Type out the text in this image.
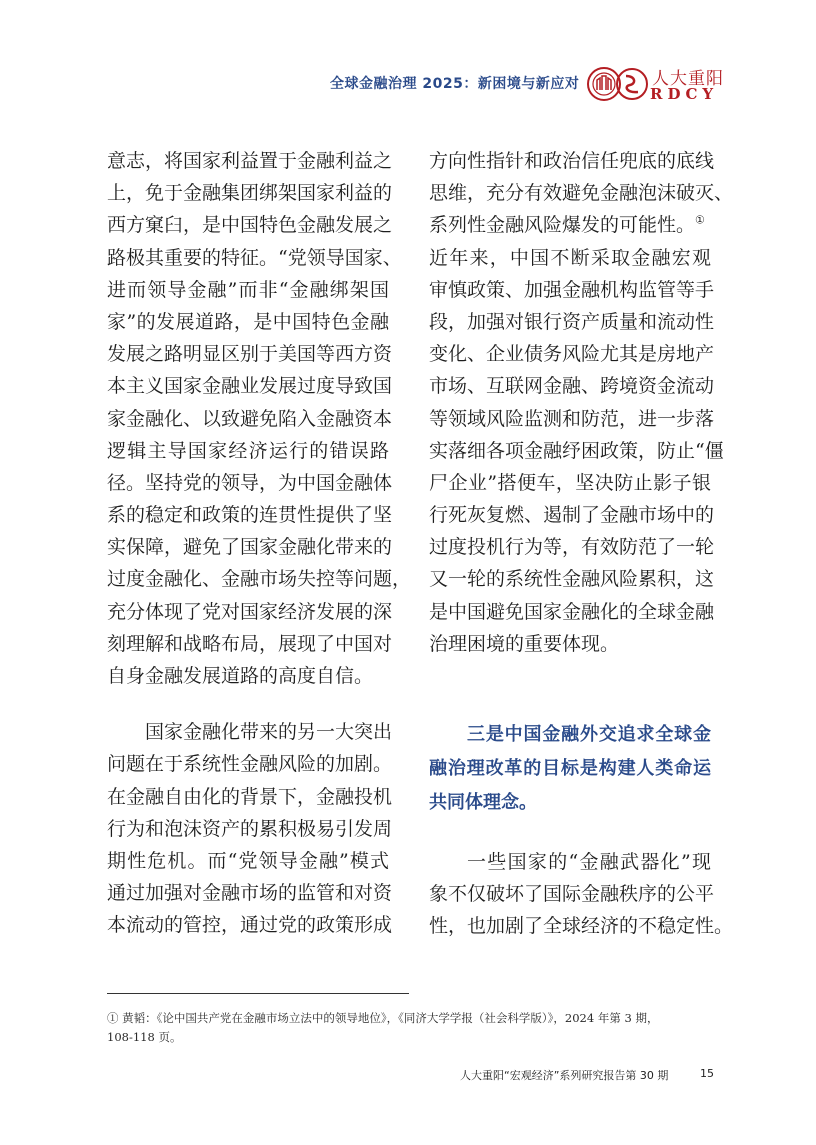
全球金融治理 2025：新困境与新应对	人大重阳
RDCY
意志，将国家利益置于金融利益之
上，免于金融集团绑架国家利益的
西方窠臼，是中国特色金融发展之
路极其重要的特征。“党领导国家、
进而领导金融”而非“金融绑架国
家”的发展道路，是中国特色金融
发展之路明显区别于美国等西方资
本主义国家金融业发展过度导致国
家金融化、以致避免陷入金融资本
逻辑主导国家经济运行的错误路
径。坚持党的领导，为中国金融体
系的稳定和政策的连贯性提供了坚
实保障，避免了国家金融化带来的
过度金融化、金融市场失控等问题，
充分体现了党对国家经济发展的深
刻理解和战略布局，展现了中国对
自身金融发展道路的高度自信。
国家金融化带来的另一大突出
问题在于系统性金融风险的加剧。
在金融自由化的背景下，金融投机
行为和泡沫资产的累积极易引发周
期性危机。而“党领导金融”模式
通过加强对金融市场的监管和对资
本流动的管控，通过党的政策形成
方向性指针和政治信任兜底的底线
思维，充分有效避免金融泡沫破灭、
系列性金融风险爆发的可能性。①
近年来，中国不断采取金融宏观
审慎政策、加强金融机构监管等手
段，加强对银行资产质量和流动性
变化、企业债务风险尤其是房地产
市场、互联网金融、跨境资金流动
等领域风险监测和防范，进一步落
实落细各项金融纾困政策，防止“僵
尸企业”搭便车，坚决防止影子银
行死灰复燃、遏制了金融市场中的
过度投机行为等，有效防范了一轮
又一轮的系统性金融风险累积，这
是中国避免国家金融化的全球金融
治理困境的重要体现。
三是中国金融外交追求全球金
融治理改革的目标是构建人类命运
共同体理念。
一些国家的“金融武器化”现
象不仅破坏了国际金融秩序的公平
性，也加剧了全球经济的不稳定性。
① 黄韬：《论中国共产党在金融市场立法中的领导地位》，《同济大学学报（社会科学版）》，2024 年第 3 期，
108-118 页。
人大重阳“宏观经济”系列研究报告第 30 期	15
